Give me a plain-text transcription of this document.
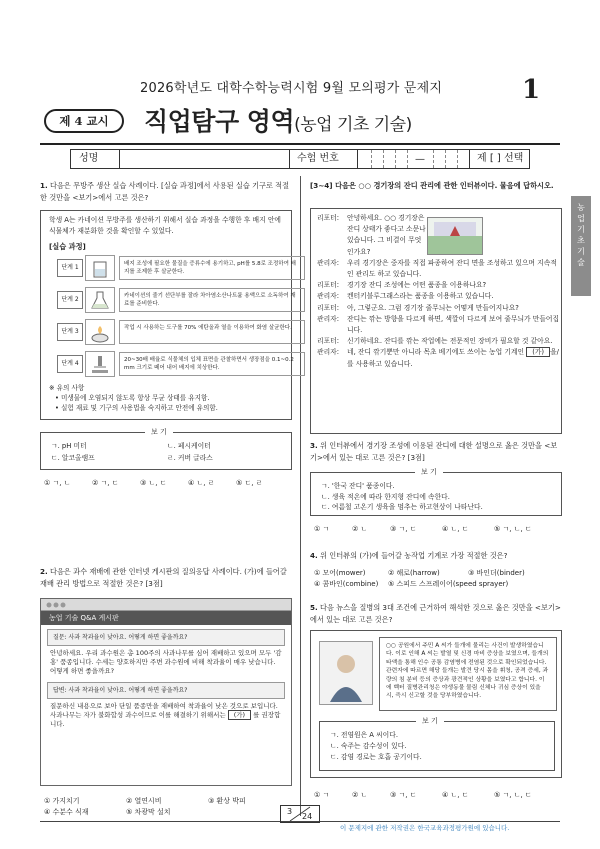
2026학년도 대학수학능력시험 9월 모의평가 문제지	1
제 4 교시	직업탐구 영역(농업 기초 기술)
성명	수험 번호	—	제 [ ] 선택
농업 기초 기술
1. 다음은 무방주 생산 실습 사례이다. [실습 과정]에서 사용된 실습 기구로 적절한 것만을 <보기>에서 고른 것은?
학생 A는 카네이션 무방주를 생산하기 위해서 실습 과정을 수행한 후 배지 안에 식물체가 재분화한 것을 확인할 수 있었다.
[실습 과정]
단계 1	배지 조성에 필요한 물질을 증류수에 용기하고, pH를 5.8로 조정하여 배지를 조제한 후 살균한다.
단계 2	카네이션의 줄기 선단부를 잘라 차아염소산나트륨 용액으로 소독하여 재료를 준비한다.
단계 3	작업 시 사용하는 도구를 70% 에탄올과 열을 이용하여 화염 살균한다.
단계 4	20~30배 배율로 식물체의 입체 표면을 관찰하면서 생장점을 0.1~0.2 mm 크기로 떼어 내어 배지에 치상한다.
※ 유의 사항
• 미생물에 오염되지 않도록 항상 무균 상태를 유지함.
• 실험 재료 및 기구의 사용법을 숙지하고 안전에 유의함.
보 기
ㄱ. pH 미터	ㄴ. 페시케이터
ㄷ. 알코올램프	ㄹ. 커버 글라스
① ㄱ, ㄴ	② ㄱ, ㄷ	③ ㄴ, ㄷ	④ ㄴ, ㄹ	⑤ ㄷ, ㄹ
2. 다음은 과수 재배에 관한 인터넷 게시판의 질의응답 사례이다. (가)에 들어갈 재배 관리 방법으로 적절한 것은? [3점]
농업 기술 Q&A 게시판
질문: 사과 착과율이 낮아요. 어떻게 하면 좋을까요?
안녕하세요. 우리 과수원은 총 100주의 사과나무를 심어 재배하고 있으며 모두 '감홍' 품종입니다. 수세는 양호하지만 주변 과수원에 비해 착과율이 매우 낮습니다. 어떻게 하면 좋을까요?
답변: 사과 착과율이 낮아요. 어떻게 하면 좋을까요?
질문하신 내용으로 보아 단일 품종만을 재배하여 착과율이 낮은 것으로 보입니다. 사과나무는 자가 불화합성 과수이므로 이를 해결하기 위해서는 (가) 를 권장합니다.
① 가지치기	② 열연시비	③ 환상 박피
④ 수분수 식재	⑤ 차광막 설치
[3~4] 다음은 ○○ 경기장의 잔디 관리에 관한 인터뷰이다. 물음에 답하시오.
리포터:	안녕하세요. ○○ 경기장은 잔디 상태가 좋다고 소문나 있습니다. 그 비결이 무엇인가요?
관리자:	우리 경기장은 중자를 직접 파종하여 잔디 면을 조성하고 있으며 지속적인 관리도 하고 있습니다.
리포터:	경기장 잔디 조성에는 어떤 품종을 이용하나요?
관리자:	켄터키블루그래스라는 품종을 이용하고 있습니다.
리포터:	아, 그렇군요. 그럼 경기장 줄무늬는 어떻게 만들어지나요?
관리자:	잔디는 깎는 방향을 다르게 하면, 색깔이 다르게 보여 줄무늬가 만들어집니다.
리포터:	신기하네요. 잔디를 깎는 작업에는 전문적인 장비가 필요할 것 같아요.
관리자:	네, 잔디 깎기뿐만 아니라 목초 베기에도 쓰이는 농업 기계인 (가) 을/를 사용하고 있습니다.
3. 위 인터뷰에서 경기장 조성에 이용된 잔디에 대한 설명으로 옳은 것만을 <보기>에서 있는 대로 고른 것은? [3점]
보 기
ㄱ. '한국 잔디' 품종이다.
ㄴ. 생육 적온에 따라 한지형 잔디에 속한다.
ㄷ. 여름철 고온기 생육을 멈추는 하고현상이 나타난다.
① ㄱ	② ㄴ	③ ㄱ, ㄷ	④ ㄴ, ㄷ	⑤ ㄱ, ㄴ, ㄷ
4. 위 인터뷰의 (가)에 들어갈 농작업 기계로 가장 적절한 것은?
① 모어(mower)	② 해로(harrow)	③ 바인더(binder)
④ 콤바인(combine) ⑤ 스피드 스프레이어(speed sprayer)
5. 다음 뉴스을 질병의 3대 조건에 근거하여 해석한 것으로 옳은 것만을 <보기>에서 있는 대로 고른 것은?
○○ 공원에서 주민 A 씨가 들개에 물리는 사건이 발생하였습니다. 이로 인해 A 씨는 발열 및 신경 마비 증상을 보였으며, 들개의 타액을 통해 인수 공통 감염병에 전염된 것으로 확인되었습니다. 관련자에 따르면 해당 들개는 발견 당시 몸을 휘청, 공격 증세, 과량의 침 분비 등의 증상과 광견적인 상황을 보였다고 합니다. 이에 벡터 질병관리청은 야생동물 물림 신체나 귀심 증상이 있을 시, 즉시 신고할 것을 당부하였습니다.
보 기
ㄱ. 전염원은 A 씨이다.
ㄴ. 숙주는 감수성이 있다.
ㄷ. 감염 경로는 호흡 공기이다.
① ㄱ	② ㄴ	③ ㄱ, ㄷ	④ ㄴ, ㄷ	⑤ ㄱ, ㄴ, ㄷ
3
24
이 문제지에 관한 저작권은 한국교육과정평가원에 있습니다.
